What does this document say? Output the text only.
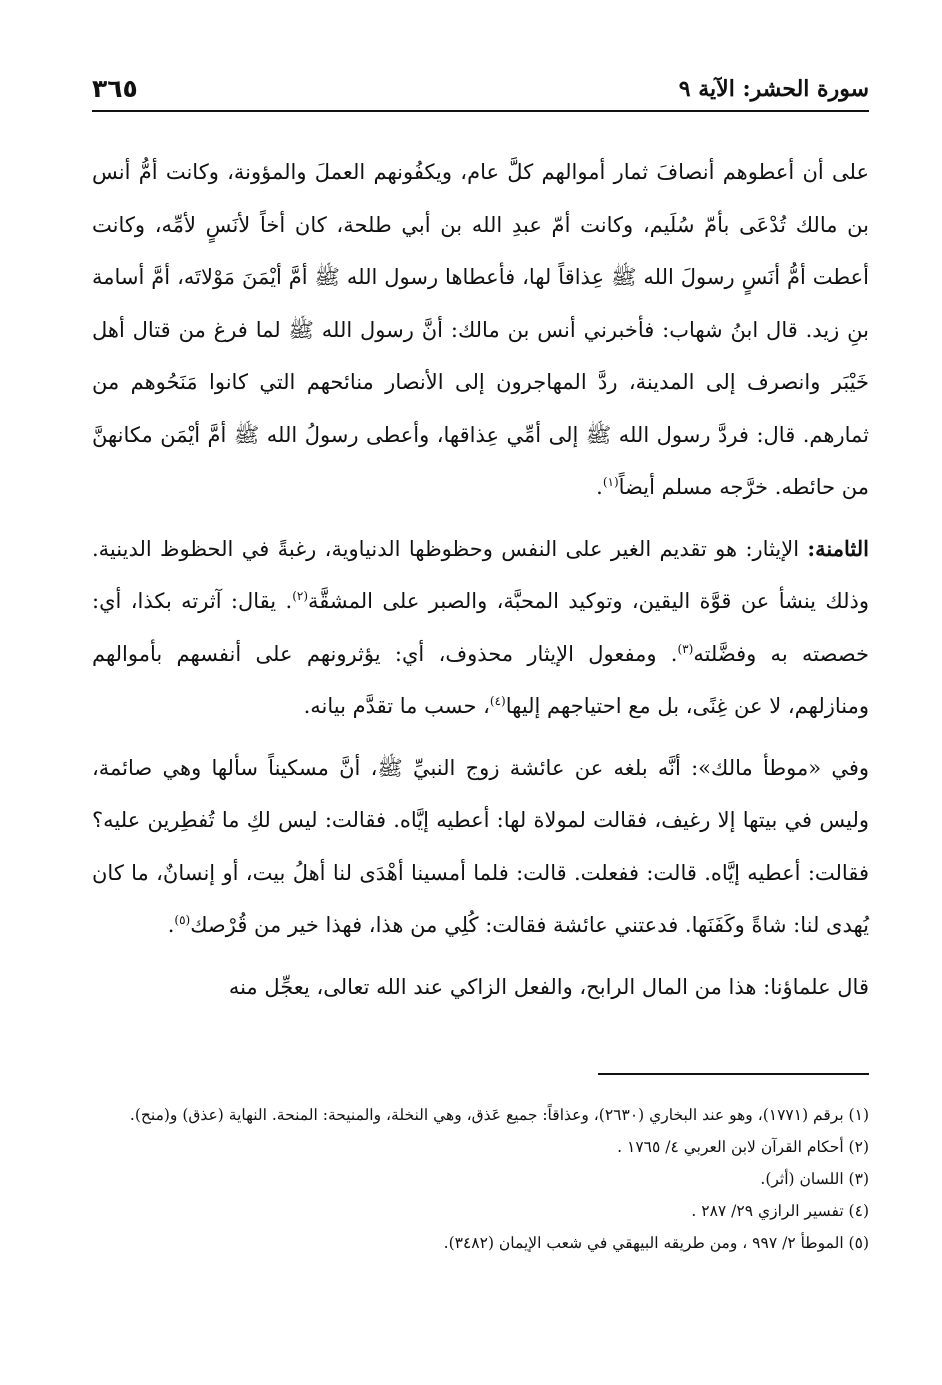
سورة الحشر: الآية ٩
٣٦٥

على أن أعطوهم أنصافَ ثمار أموالهم كلَّ عام، ويكفُونهم العملَ والمؤونة، وكانت أمُّ أنس بن مالك تُدْعَى بأمّ سُلَيم، وكانت أمّ عبدِ الله بن أبي طلحة، كان أخاً لأنَسٍ لأمِّه، وكانت أعطت أمُّ أنَسٍ رسولَ الله ﷺ عِذاقاً لها، فأعطاها رسول الله ﷺ أمَّ أيْمَنَ مَوْلاتَه، أمَّ أسامة بنِ زيد. قال ابنُ شهاب: فأخبرني أنس بن مالك: أنَّ رسول الله ﷺ لما فرغ من قتال أهل خَيْبَر وانصرف إلى المدينة، ردَّ المهاجرون إلى الأنصار منائحهم التي كانوا مَنَحُوهم من ثمارهم. قال: فردَّ رسول الله ﷺ إلى أمِّي عِذاقها، وأعطى رسولُ الله ﷺ أمَّ أيْمَن مكانهنَّ من حائطه. خرَّجه مسلم أيضاً$^{(١)}$.

الثامنة: الإيثار: هو تقديم الغير على النفس وحظوظها الدنياوية، رغبةً في الحظوظ الدينية. وذلك ينشأ عن قوَّة اليقين، وتوكيد المحبَّة، والصبر على المشقَّة$^{(٢)}$. يقال: آثرته بكذا، أي: خصصته به وفضَّلته$^{(٣)}$. ومفعول الإيثار محذوف، أي: يؤثرونهم على أنفسهم بأموالهم ومنازلهم، لا عن غِنًى، بل مع احتياجهم إليها$^{(٤)}$، حسب ما تقدَّم بيانه.

وفي «موطأ مالك»: أنَّه بلغه عن عائشة زوج النبيِّ ﷺ، أنَّ مسكيناً سألها وهي صائمة، وليس في بيتها إلا رغيف، فقالت لمولاة لها: أعطيه إيَّاه. فقالت: ليس لكِ ما تُفطِرين عليه؟ فقالت: أعطيه إيَّاه. قالت: ففعلت. قالت: فلما أمسينا أهْدَى لنا أهلُ بيت، أو إنسانٌ، ما كان يُهدى لنا: شاةً وكَفَنَها. فدعتني عائشة فقالت: كُلِي من هذا، فهذا خير من قُرْصك$^{(٥)}$.

قال علماؤنا: هذا من المال الرابح، والفعل الزاكي عند الله تعالى، يعجِّل منه

(١) برقم (١٧٧١)، وهو عند البخاري (٢٦٣٠)، وعذاقاً: جميع عَذق، وهي النخلة، والمنيحة: المنحة. النهاية (عذق) و(منح).

(٢) أحكام القرآن لابن العربي ٤/ ١٧٦٥ .

(٣) اللسان (أثر).

(٤) تفسير الرازي ٢٩/ ٢٨٧ .

(٥) الموطأ ٢/ ٩٩٧ ، ومن طريقه البيهقي في شعب الإيمان (٣٤٨٢).
